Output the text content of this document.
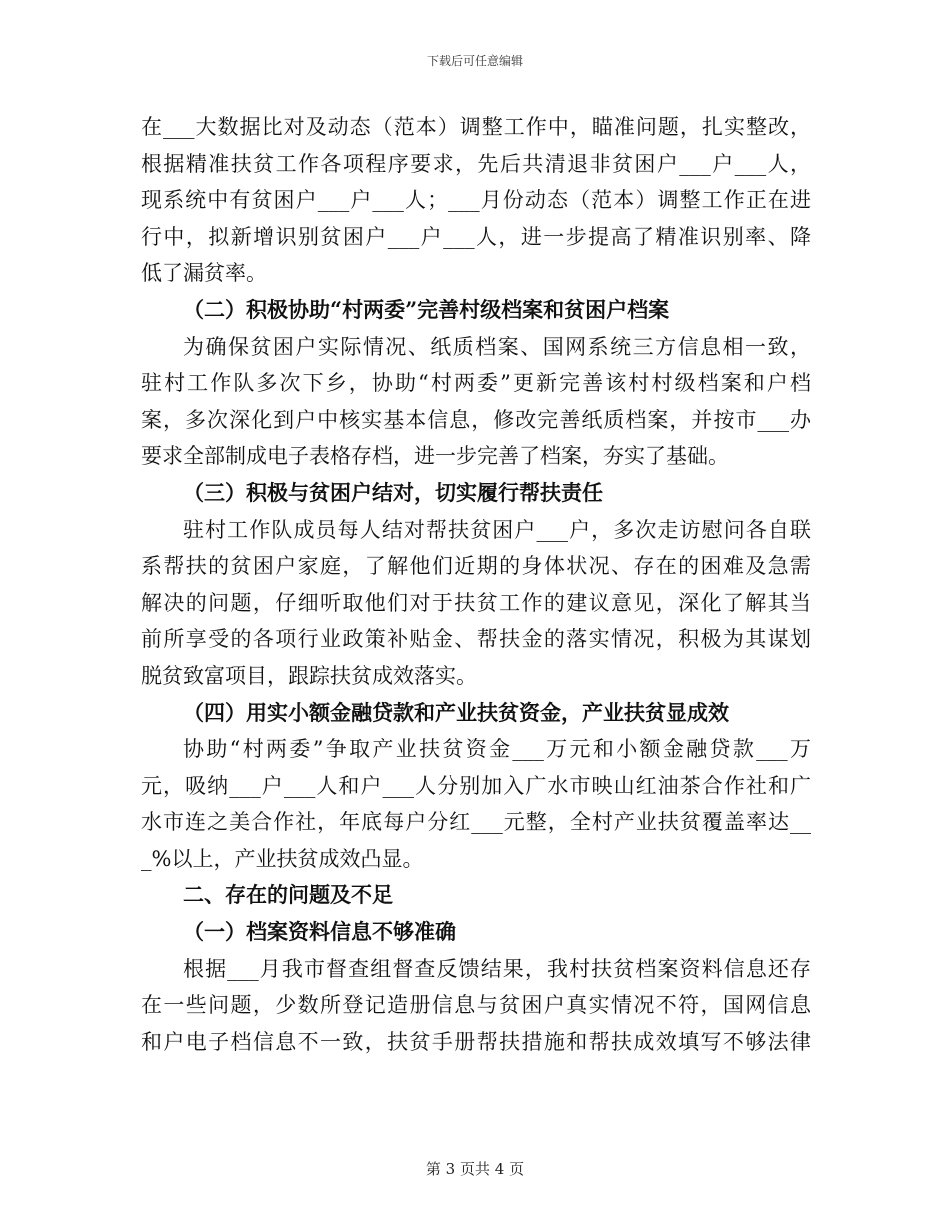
下载后可任意编辑
在___大数据比对及动态（范本）调整工作中，瞄准问题，扎实整改，
根据精准扶贫工作各项程序要求，先后共清退非贫困户___户___人，
现系统中有贫困户___户___人；___月份动态（范本）调整工作正在进
行中，拟新增识别贫困户___户___人，进一步提高了精准识别率、降
低了漏贫率。
（二）积极协助“村两委”完善村级档案和贫困户档案
为确保贫困户实际情况、纸质档案、国网系统三方信息相一致，
驻村工作队多次下乡，协助“村两委”更新完善该村村级档案和户档
案，多次深化到户中核实基本信息，修改完善纸质档案，并按市___办
要求全部制成电子表格存档，进一步完善了档案，夯实了基础。
（三）积极与贫困户结对，切实履行帮扶责任
驻村工作队成员每人结对帮扶贫困户___户，多次走访慰问各自联
系帮扶的贫困户家庭，了解他们近期的身体状况、存在的困难及急需
解决的问题，仔细听取他们对于扶贫工作的建议意见，深化了解其当
前所享受的各项行业政策补贴金、帮扶金的落实情况，积极为其谋划
脱贫致富项目，跟踪扶贫成效落实。
（四）用实小额金融贷款和产业扶贫资金，产业扶贫显成效
协助“村两委”争取产业扶贫资金___万元和小额金融贷款___万
元，吸纳___户___人和户___人分别加入广水市映山红油茶合作社和广
水市连之美合作社，年底每户分红___元整，全村产业扶贫覆盖率达__
_%以上，产业扶贫成效凸显。
二、存在的问题及不足
（一）档案资料信息不够准确
根据___月我市督查组督查反馈结果，我村扶贫档案资料信息还存
在一些问题，少数所登记造册信息与贫困户真实情况不符，国网信息
和户电子档信息不一致，扶贫手册帮扶措施和帮扶成效填写不够法律
第 3 页共 4 页
